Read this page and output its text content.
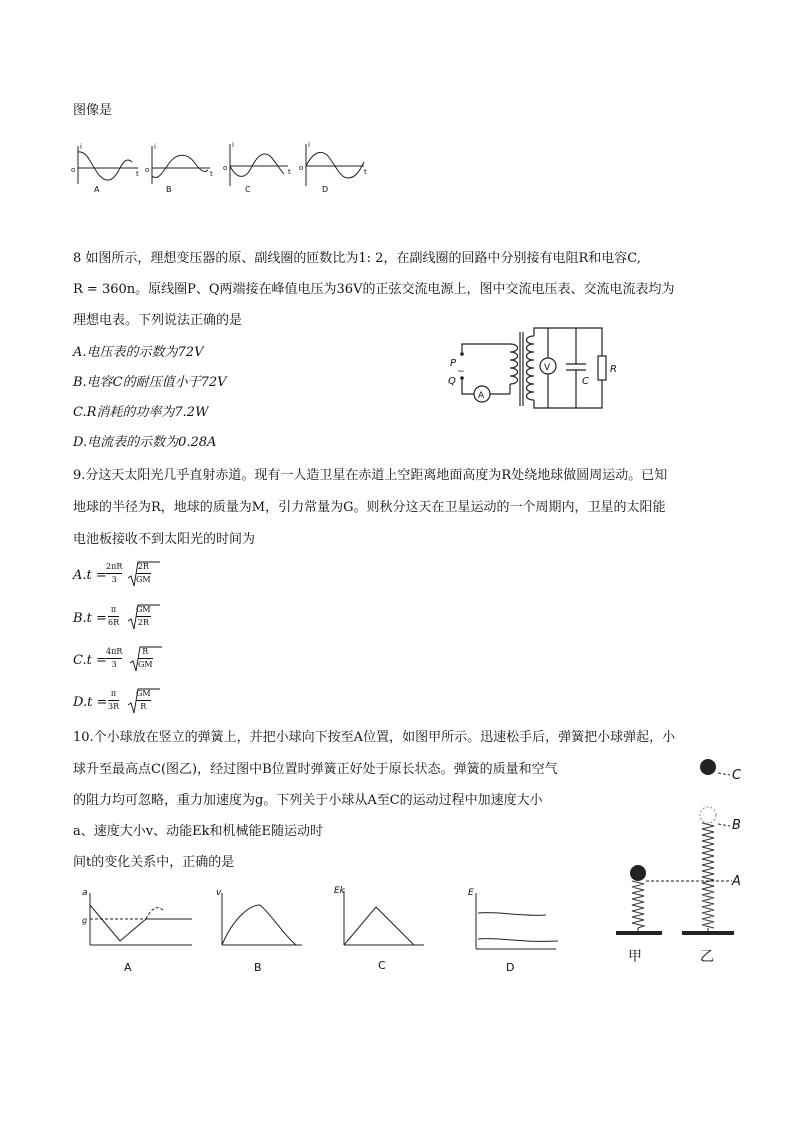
图像是
o
i
t
A
o
i
t
B
o
i
t
C
o
i
t
D
8 如图所示，理想变压器的原、副线圈的匝数比为1: 2，在副线圈的回路中分别接有电阻R和电容C,
R = 360n。原线圈P、Q两端接在峰值电压为36V的正弦交流电源上，图中交流电压表、交流电流表均为
理想电表。下列说法正确的是
A.电压表的示数为72V
B.电容C的耐压值小于72V
C.R消耗的功率为7.2W
D.电流表的示数为0.28A
P
~
Q
A
V
C
R
9.分这天太阳光几乎直射赤道。现有一人造卫星在赤道上空距离地面高度为R处绕地球做圆周运动。已知
地球的半径为R，地球的质量为M，引力常量为G。则秋分这天在卫星运动的一个周期内，卫星的太阳能
电池板接收不到太阳光的时间为
A.t =
2πR
3
2R
GM
B.t =
π
6R
GM
2R
C.t =
4πR
3
R
GM
D.t =
π
3R
GM
R
10.个小球放在竖立的弹簧上，并把小球向下按至A位置，如图甲所示。迅速松手后，弹簧把小球弹起，小
球升至最高点C(图乙)，经过图中B位置时弹簧正好处于原长状态。弹簧的质量和空气
的阻力均可忽略，重力加速度为g。下列关于小球从A至C的运动过程中加速度大小
a、速度大小v、动能Ek和机械能E随运动时
间t的变化关系中，正确的是
C
B
A
甲	乙
a
g
A
v
B
Ek
C
E
D
